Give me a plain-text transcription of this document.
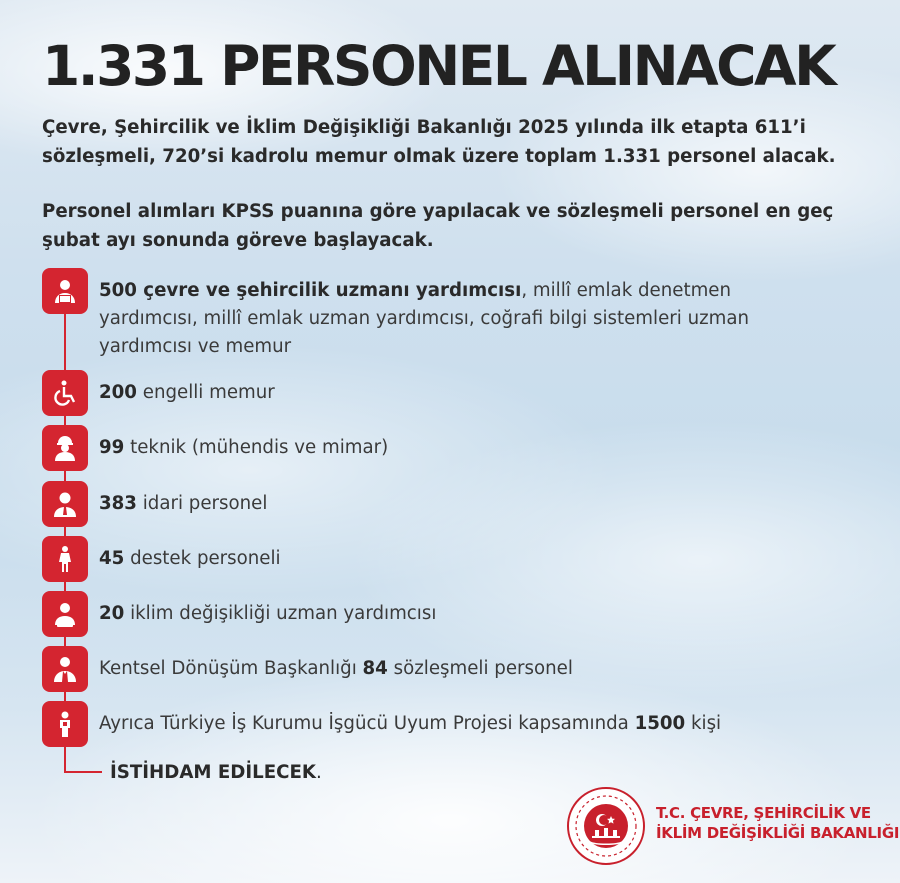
1.331 PERSONEL ALINACAK

Çevre, Şehircilik ve İklim Değişikliği Bakanlığı 2025 yılında ilk etapta 611’i sözleşmeli, 720’si kadrolu memur olmak üzere toplam 1.331 personel alacak.

Personel alımları KPSS puanına göre yapılacak ve sözleşmeli personel en geç şubat ayı sonunda göreve başlayacak.

500 çevre ve şehircilik uzmanı yardımcısı, millî emlak denetmen yardımcısı, millî emlak uzman yardımcısı, coğrafi bilgi sistemleri uzman yardımcısı ve memur
200 engelli memur
99 teknik (mühendis ve mimar)
383 idari personel
45 destek personeli
20 iklim değişikliği uzman yardımcısı
Kentsel Dönüşüm Başkanlığı 84 sözleşmeli personel
Ayrıca Türkiye İş Kurumu İşgücü Uyum Projesi kapsamında 1500 kişi
İSTİHDAM EDİLECEK.
T.C. ÇEVRE, ŞEHİRCİLİK VE
İKLİM DEĞİŞİKLİĞİ BAKANLIĞI
